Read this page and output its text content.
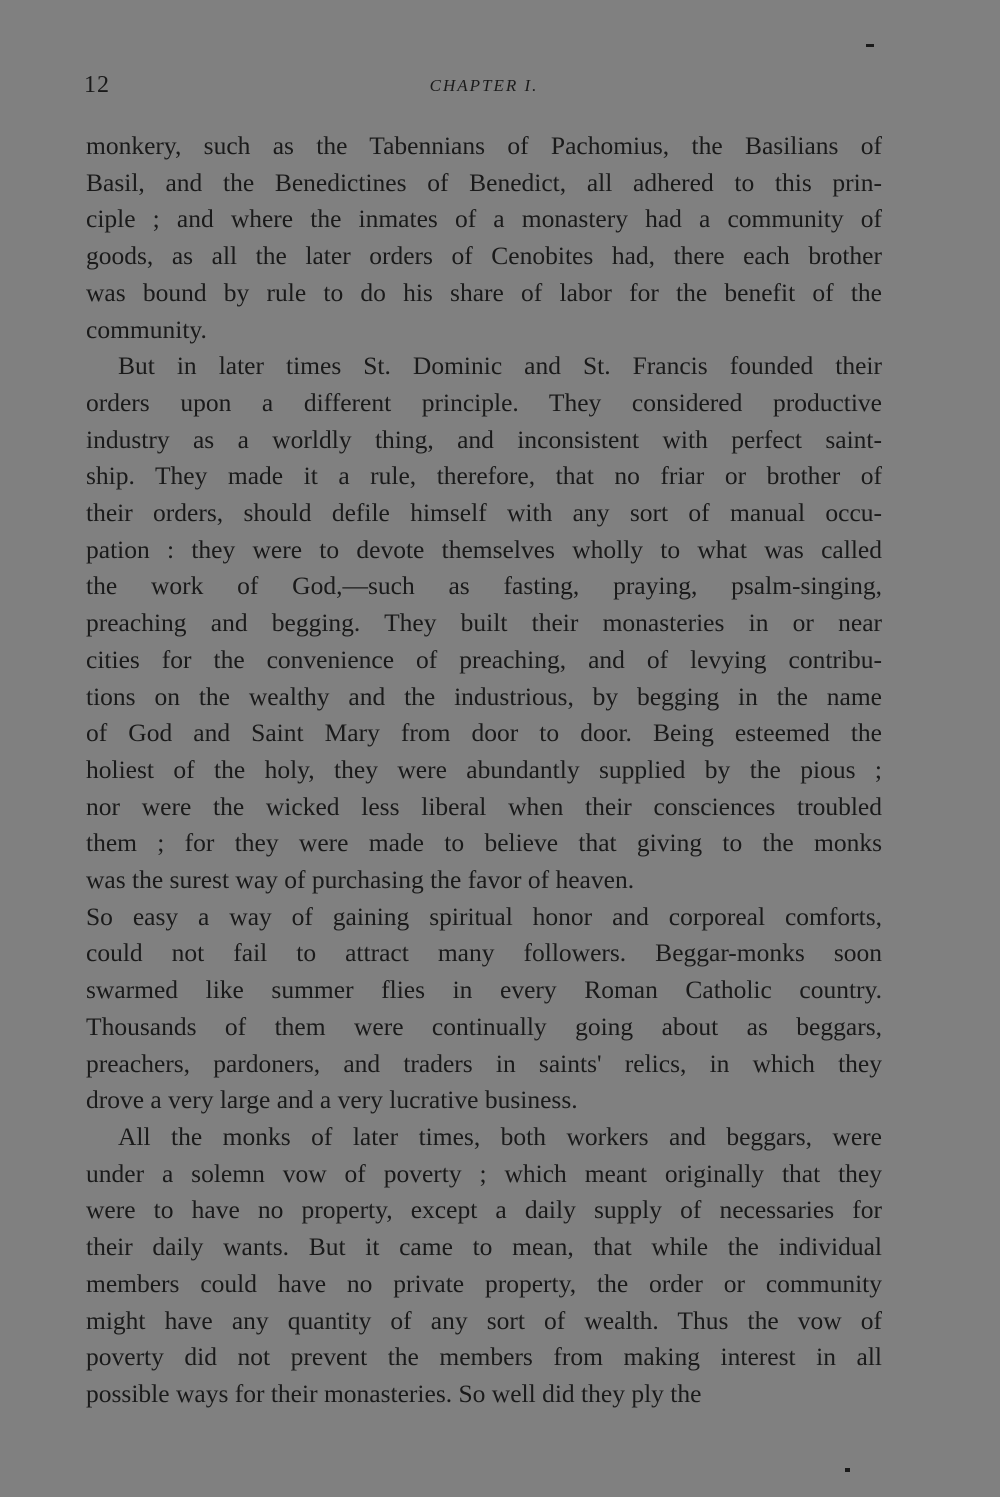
12	CHAPTER I.

monkery, such as the Tabennians of Pachomius, the Basilians of
Basil, and the Benedictines of Benedict, all adhered to this prin-
ciple ; and where the inmates of a monastery had a community of
goods, as all the later orders of Cenobites had, there each brother
was bound by rule to do his share of labor for the benefit of the
community.

But in later times St. Dominic and St. Francis founded their
orders upon a different principle. They considered productive
industry as a worldly thing, and inconsistent with perfect saint-
ship. They made it a rule, therefore, that no friar or brother of
their orders, should defile himself with any sort of manual occu-
pation : they were to devote themselves wholly to what was called
the work of God,—such as fasting, praying, psalm-singing,
preaching and begging. They built their monasteries in or near
cities for the convenience of preaching, and of levying contribu-
tions on the wealthy and the industrious, by begging in the name
of God and Saint Mary from door to door. Being esteemed the
holiest of the holy, they were abundantly supplied by the pious ;
nor were the wicked less liberal when their consciences troubled
them ; for they were made to believe that giving to the monks
was the surest way of purchasing the favor of heaven.

So easy a way of gaining spiritual honor and corporeal comforts,
could not fail to attract many followers. Beggar-monks soon
swarmed like summer flies in every Roman Catholic country.
Thousands of them were continually going about as beggars,
preachers, pardoners, and traders in saints' relics, in which they
drove a very large and a very lucrative business.

All the monks of later times, both workers and beggars, were
under a solemn vow of poverty ; which meant originally that they
were to have no property, except a daily supply of necessaries for
their daily wants. But it came to mean, that while the individual
members could have no private property, the order or community
might have any quantity of any sort of wealth. Thus the vow of
poverty did not prevent the members from making interest in all
possible ways for their monasteries. So well did they ply the
